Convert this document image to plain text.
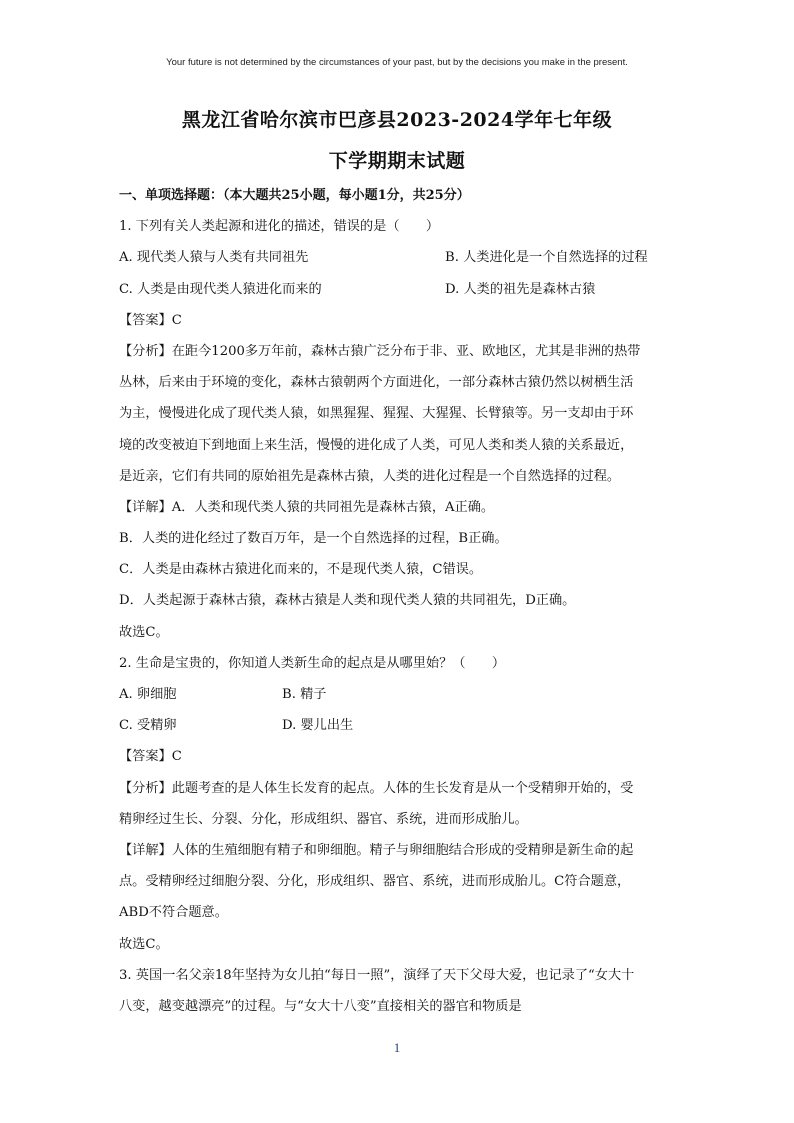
Your future is not determined by the circumstances of your past, but by the decisions you make in the present.
黑龙江省哈尔滨市巴彦县2023-2024学年七年级
下学期期末试题
一、单项选择题：（本大题共25小题，每小题1分，共25分）
1. 下列有关人类起源和进化的描述，错误的是（　　）
A. 现代类人猿与人类有共同祖先	B. 人类进化是一个自然选择的过程
C. 人类是由现代类人猿进化而来的	D. 人类的祖先是森林古猿
【答案】C
【分析】在距今1200多万年前，森林古猿广泛分布于非、亚、欧地区，尤其是非洲的热带
丛林，后来由于环境的变化，森林古猿朝两个方面进化，一部分森林古猿仍然以树栖生活
为主，慢慢进化成了现代类人猿，如黑猩猩、猩猩、大猩猩、长臂猿等。另一支却由于环
境的改变被迫下到地面上来生活，慢慢的进化成了人类，可见人类和类人猿的关系最近，
是近亲，它们有共同的原始祖先是森林古猿，人类的进化过程是一个自然选择的过程。
【详解】A．人类和现代类人猿的共同祖先是森林古猿，A正确。
B．人类的进化经过了数百万年，是一个自然选择的过程，B正确。
C．人类是由森林古猿进化而来的，不是现代类人猿，C错误。
D．人类起源于森林古猿，森林古猿是人类和现代类人猿的共同祖先，D正确。
故选C。
2. 生命是宝贵的，你知道人类新生命的起点是从哪里始？（　　）
A. 卵细胞	B. 精子
C. 受精卵	D. 婴儿出生
【答案】C
【分析】此题考查的是人体生长发育的起点。人体的生长发育是从一个受精卵开始的，受
精卵经过生长、分裂、分化，形成组织、器官、系统，进而形成胎儿。
【详解】人体的生殖细胞有精子和卵细胞。精子与卵细胞结合形成的受精卵是新生命的起
点。受精卵经过细胞分裂、分化，形成组织、器官、系统，进而形成胎儿。C符合题意，
ABD不符合题意。
故选C。
3. 英国一名父亲18年坚持为女儿拍“每日一照”，演绎了天下父母大爱，也记录了“女大十
八变，越变越漂亮”的过程。与“女大十八变”直接相关的器官和物质是
1
